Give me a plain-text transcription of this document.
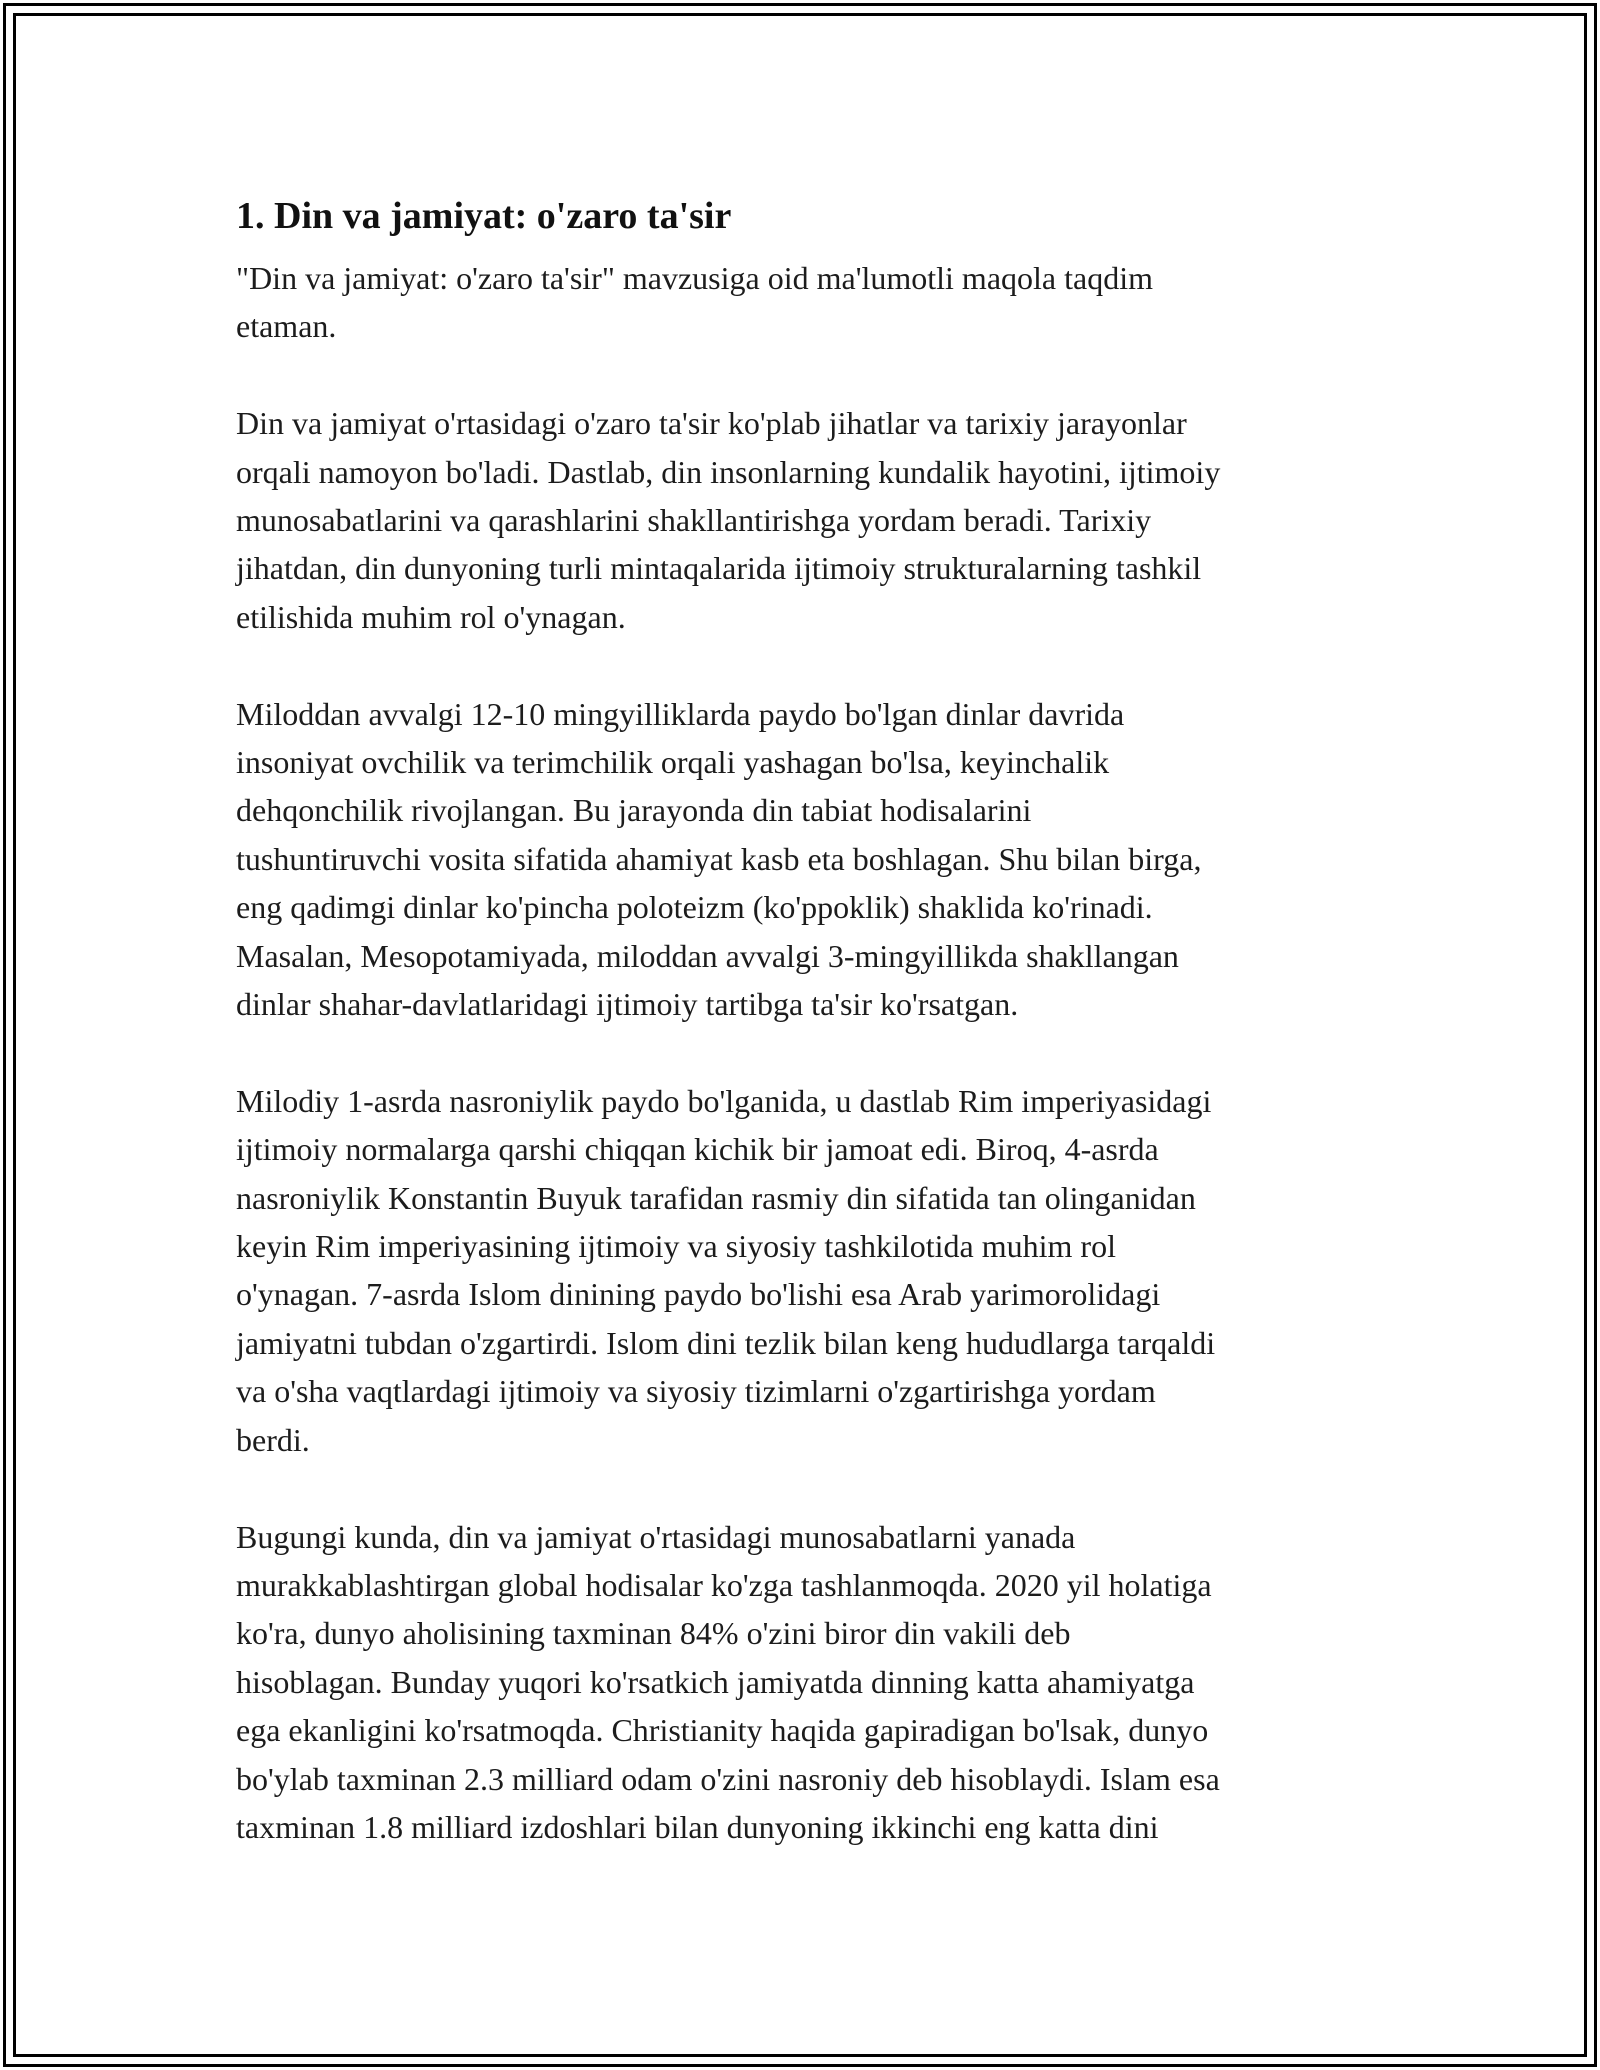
1. Din va jamiyat: o'zaro ta'sir

"Din va jamiyat: o'zaro ta'sir" mavzusiga oid ma'lumotli maqola taqdim
etaman.

Din va jamiyat o'rtasidagi o'zaro ta'sir ko'plab jihatlar va tarixiy jarayonlar
orqali namoyon bo'ladi. Dastlab, din insonlarning kundalik hayotini, ijtimoiy
munosabatlarini va qarashlarini shakllantirishga yordam beradi. Tarixiy
jihatdan, din dunyoning turli mintaqalarida ijtimoiy strukturalarning tashkil
etilishida muhim rol o'ynagan.

Miloddan avvalgi 12-10 mingyilliklarda paydo bo'lgan dinlar davrida
insoniyat ovchilik va terimchilik orqali yashagan bo'lsa, keyinchalik
dehqonchilik rivojlangan. Bu jarayonda din tabiat hodisalarini
tushuntiruvchi vosita sifatida ahamiyat kasb eta boshlagan. Shu bilan birga,
eng qadimgi dinlar ko'pincha poloteizm (ko'ppoklik) shaklida ko'rinadi.
Masalan, Mesopotamiyada, miloddan avvalgi 3-mingyillikda shakllangan
dinlar shahar-davlatlaridagi ijtimoiy tartibga ta'sir ko'rsatgan.

Milodiy 1-asrda nasroniylik paydo bo'lganida, u dastlab Rim imperiyasidagi
ijtimoiy normalarga qarshi chiqqan kichik bir jamoat edi. Biroq, 4-asrda
nasroniylik Konstantin Buyuk tarafidan rasmiy din sifatida tan olinganidan
keyin Rim imperiyasining ijtimoiy va siyosiy tashkilotida muhim rol
o'ynagan. 7-asrda Islom dinining paydo bo'lishi esa Arab yarimorolidagi
jamiyatni tubdan o'zgartirdi. Islom dini tezlik bilan keng hududlarga tarqaldi
va o'sha vaqtlardagi ijtimoiy va siyosiy tizimlarni o'zgartirishga yordam
berdi.

Bugungi kunda, din va jamiyat o'rtasidagi munosabatlarni yanada
murakkablashtirgan global hodisalar ko'zga tashlanmoqda. 2020 yil holatiga
ko'ra, dunyo aholisining taxminan 84% o'zini biror din vakili deb
hisoblagan. Bunday yuqori ko'rsatkich jamiyatda dinning katta ahamiyatga
ega ekanligini ko'rsatmoqda. Christianity haqida gapiradigan bo'lsak, dunyo
bo'ylab taxminan 2.3 milliard odam o'zini nasroniy deb hisoblaydi. Islam esa
taxminan 1.8 milliard izdoshlari bilan dunyoning ikkinchi eng katta dini
